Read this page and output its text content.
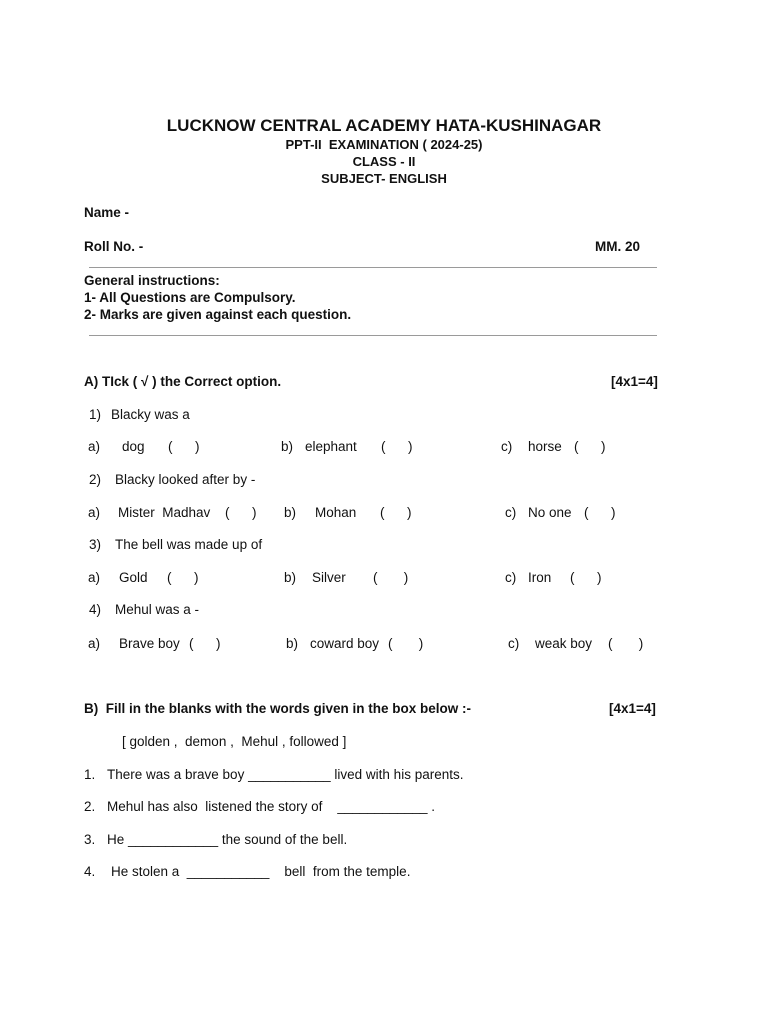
LUCKNOW CENTRAL ACADEMY HATA-KUSHINAGAR
PPT-II  EXAMINATION ( 2024-25)
CLASS - II
SUBJECT- ENGLISH
Name -
Roll No. -	MM. 20
General instructions:
1- All Questions are Compulsory.
2- Marks are given against each question.
A) TIck ( √ ) the Correct option.	[4x1=4]
1) Blacky was a
a) dog (      )	b) elephant (      )	c) horse (      )
2) Blacky looked after by -
a) Mister  Madhav (      ) b) Mohan (      )	c) No one (      )
3) The bell was made up of
a) Gold (      )	b) Silver (       )	c) Iron (      )
4) Mehul was a -
a) Brave boy (      )	b) coward boy (       )	c) weak boy (       )
B)  Fill in the blanks with the words given in the box below :-	[4x1=4]
[ golden ,  demon ,  Mehul , followed ]
1. There was a brave boy ___________ lived with his parents.
2. Mehul has also  listened the story of    ____________ .
3. He ____________ the sound of the bell.
4. He stolen a  ___________    bell  from the temple.
